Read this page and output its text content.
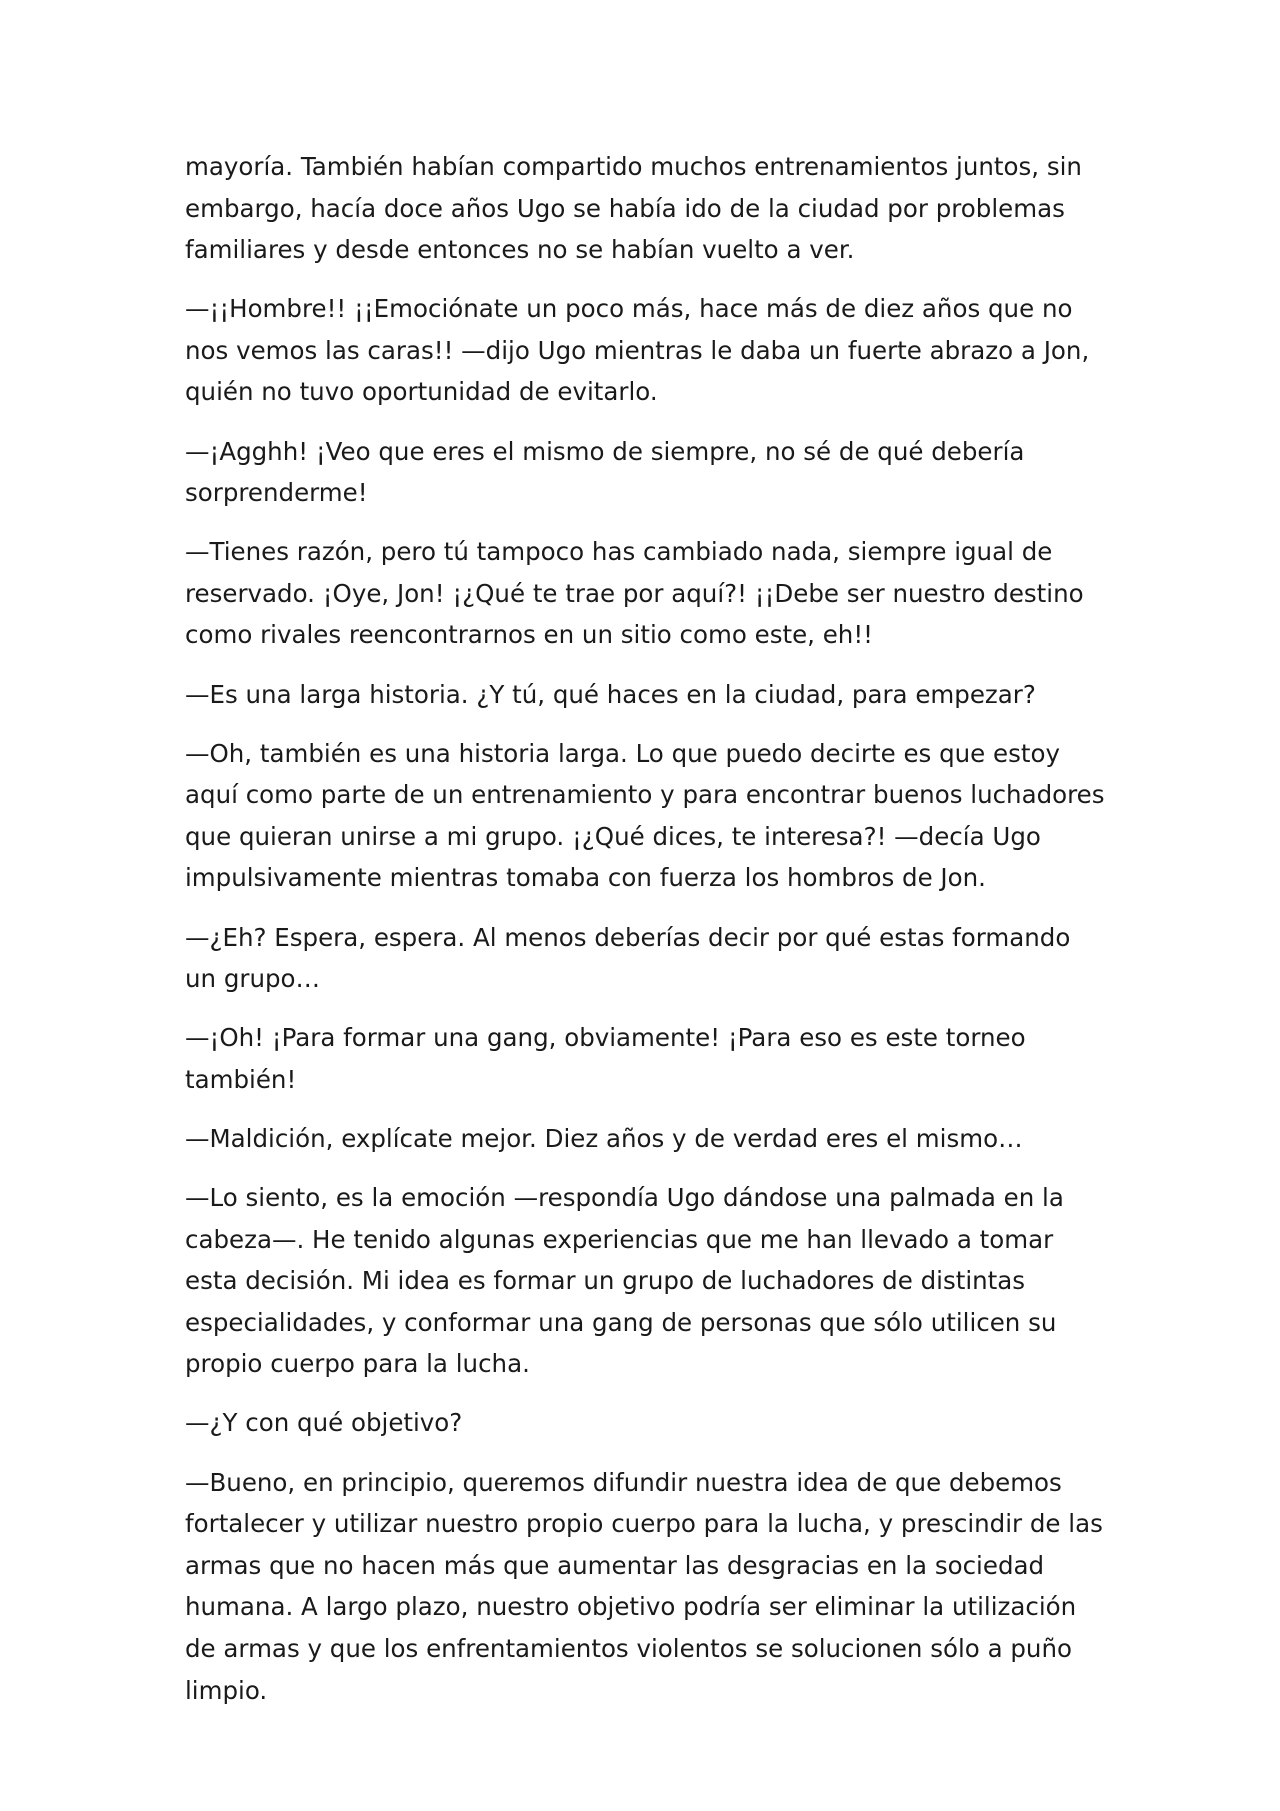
mayoría. También habían compartido muchos entrenamientos juntos, sin embargo, hacía doce años Ugo se había ido de la ciudad por problemas familiares y desde entonces no se habían vuelto a ver.

—¡¡Hombre!! ¡¡Emociónate un poco más, hace más de diez años que no nos vemos las caras!! —dijo Ugo mientras le daba un fuerte abrazo a Jon, quién no tuvo oportunidad de evitarlo.

—¡Agghh! ¡Veo que eres el mismo de siempre, no sé de qué debería sorprenderme!

—Tienes razón, pero tú tampoco has cambiado nada, siempre igual de reservado. ¡Oye, Jon! ¡¿Qué te trae por aquí?! ¡¡Debe ser nuestro destino como rivales reencontrarnos en un sitio como este, eh!!

—Es una larga historia. ¿Y tú, qué haces en la ciudad, para empezar?

—Oh, también es una historia larga. Lo que puedo decirte es que estoy aquí como parte de un entrenamiento y para encontrar buenos luchadores que quieran unirse a mi grupo. ¡¿Qué dices, te interesa?! —decía Ugo impulsivamente mientras tomaba con fuerza los hombros de Jon.

—¿Eh? Espera, espera. Al menos deberías decir por qué estas formando un grupo…

—¡Oh! ¡Para formar una gang, obviamente! ¡Para eso es este torneo también!

—Maldición, explícate mejor. Diez años y de verdad eres el mismo…

—Lo siento, es la emoción —respondía Ugo dándose una palmada en la cabeza—. He tenido algunas experiencias que me han llevado a tomar esta decisión. Mi idea es formar un grupo de luchadores de distintas especialidades, y conformar una gang de personas que sólo utilicen su propio cuerpo para la lucha.

—¿Y con qué objetivo?

—Bueno, en principio, queremos difundir nuestra idea de que debemos fortalecer y utilizar nuestro propio cuerpo para la lucha, y prescindir de las armas que no hacen más que aumentar las desgracias en la sociedad humana. A largo plazo, nuestro objetivo podría ser eliminar la utilización de armas y que los enfrentamientos violentos se solucionen sólo a puño limpio.
